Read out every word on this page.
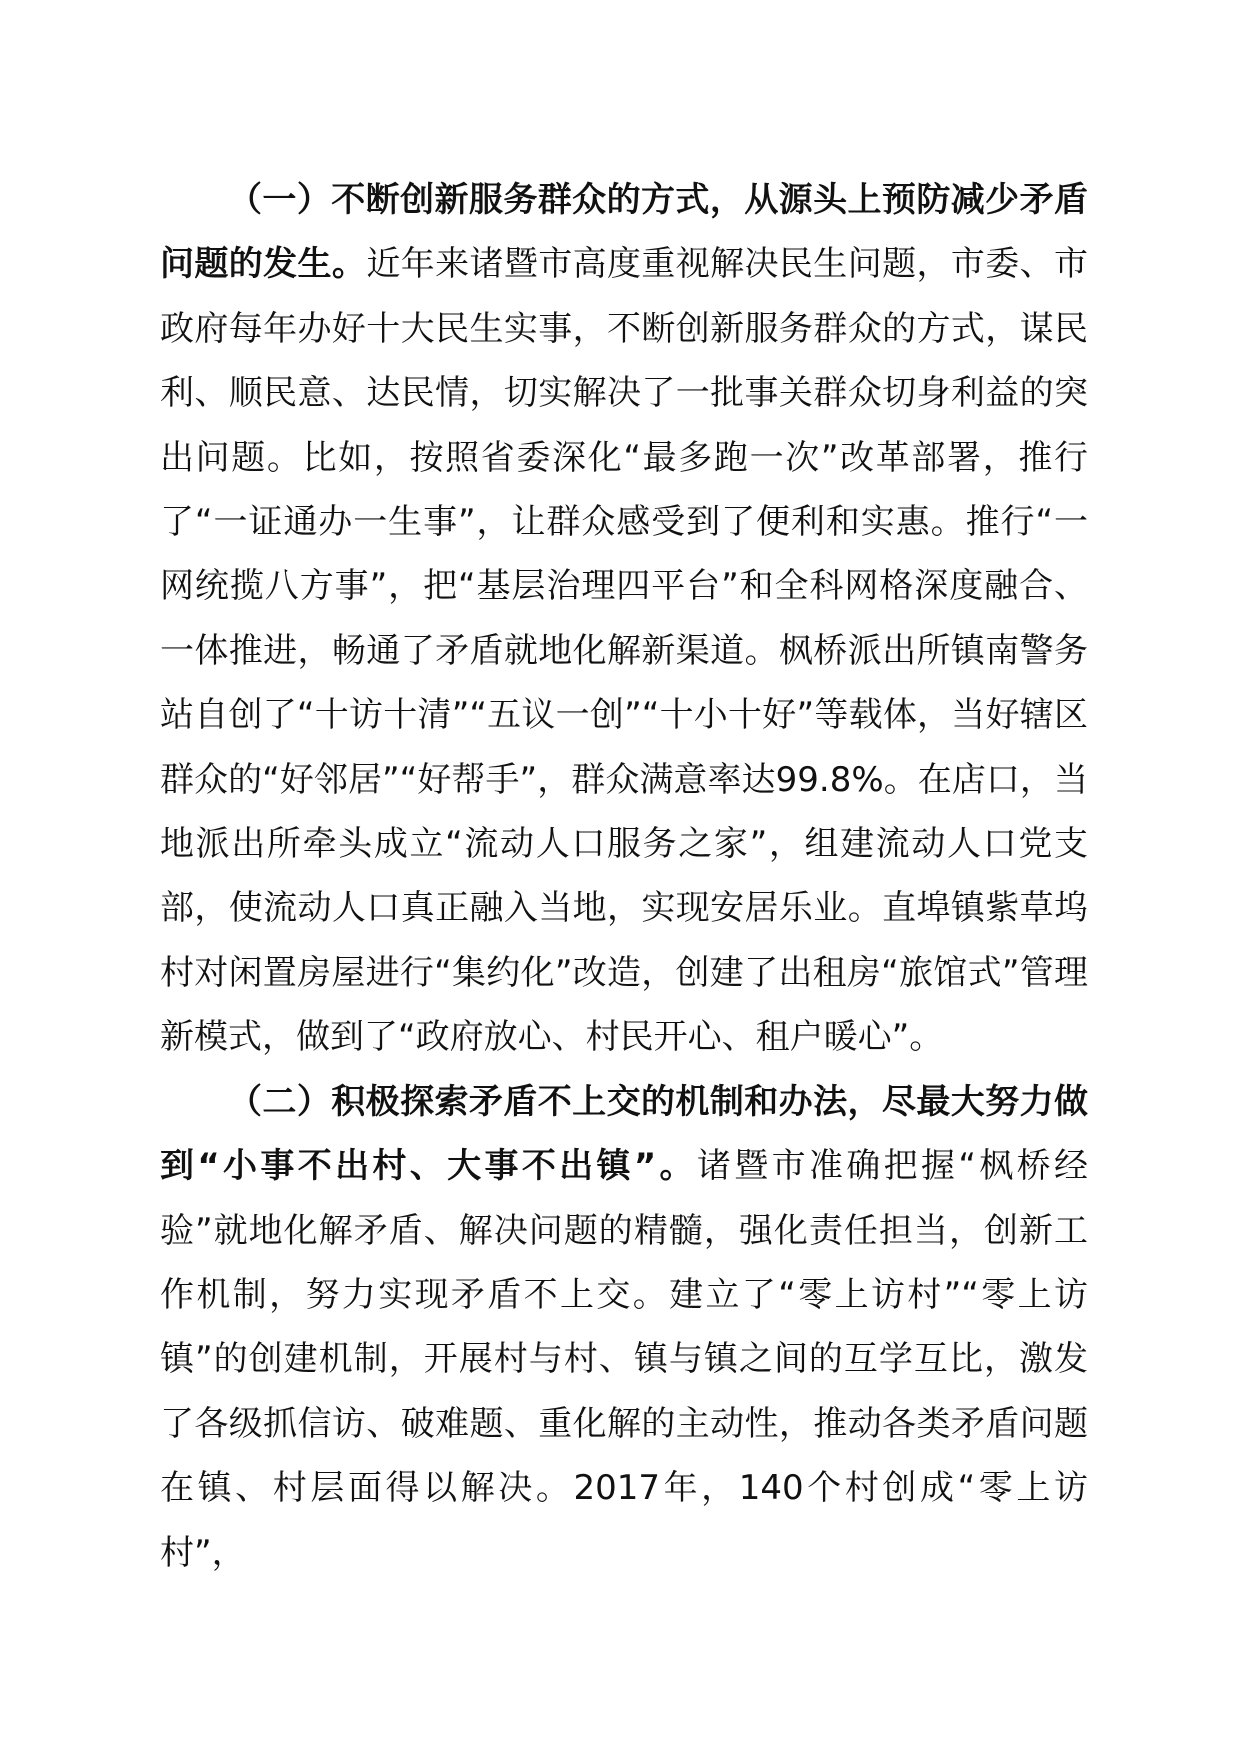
（一）不断创新服务群众的方式，从源头上预防减少矛盾问题的发生。近年来诸暨市高度重视解决民生问题，市委、市政府每年办好十大民生实事，不断创新服务群众的方式，谋民利、顺民意、达民情，切实解决了一批事关群众切身利益的突出问题。比如，按照省委深化“最多跑一次”改革部署，推行了“一证通办一生事”，让群众感受到了便利和实惠。推行“一网统揽八方事”，把“基层治理四平台”和全科网格深度融合、一体推进，畅通了矛盾就地化解新渠道。枫桥派出所镇南警务站自创了“十访十清”“五议一创”“十小十好”等载体，当好辖区群众的“好邻居”“好帮手”，群众满意率达99.8%。在店口，当地派出所牵头成立“流动人口服务之家”，组建流动人口党支部，使流动人口真正融入当地，实现安居乐业。直埠镇紫草坞村对闲置房屋进行“集约化”改造，创建了出租房“旅馆式”管理新模式，做到了“政府放心、村民开心、租户暖心”。

（二）积极探索矛盾不上交的机制和办法，尽最大努力做到“小事不出村、大事不出镇”。诸暨市准确把握“枫桥经验”就地化解矛盾、解决问题的精髓，强化责任担当，创新工作机制，努力实现矛盾不上交。建立了“零上访村”“零上访镇”的创建机制，开展村与村、镇与镇之间的互学互比，激发了各级抓信访、破难题、重化解的主动性，推动各类矛盾问题在镇、村层面得以解决。2017年，140个村创成“零上访村”，
